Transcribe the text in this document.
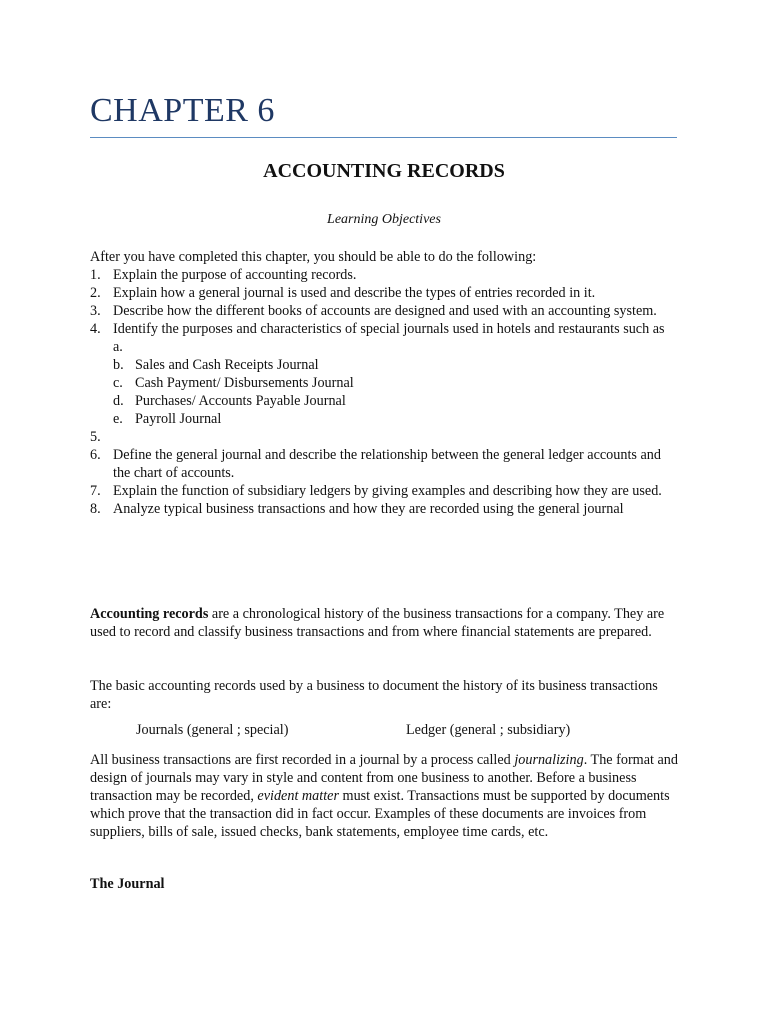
CHAPTER 6
ACCOUNTING RECORDS
Learning Objectives
After you have completed this chapter, you should be able to do the following:
1. Explain the purpose of accounting records.
2. Explain how a general journal is used and describe the types of entries recorded in it.
3. Describe how the different books of accounts are designed and used with an accounting system.
4. Identify the purposes and characteristics of special journals used in hotels and restaurants such as
a.

b. Sales and Cash Receipts Journal
c. Cash Payment/ Disbursements Journal
d. Purchases/ Accounts Payable Journal
e. Payroll Journal
5.

6. Define the general journal and describe the relationship between the general ledger accounts and the chart of accounts.
7. Explain the function of subsidiary ledgers by giving examples and describing how they are used.
8. Analyze typical business transactions and how they are recorded using the general journal
Accounting records are a chronological history of the business transactions for a company. They are used to record and classify business transactions and from where financial statements are prepared.
The basic accounting records used by a business to document the history of its business transactions are:
Journals (general ; special)	Ledger (general ; subsidiary)
All business transactions are first recorded in a journal by a process called journalizing. The format and design of journals may vary in style and content from one business to another. Before a business transaction may be recorded, evident matter must exist. Transactions must be supported by documents which prove that the transaction did in fact occur. Examples of these documents are invoices from suppliers, bills of sale, issued checks, bank statements, employee time cards, etc.
The Journal
